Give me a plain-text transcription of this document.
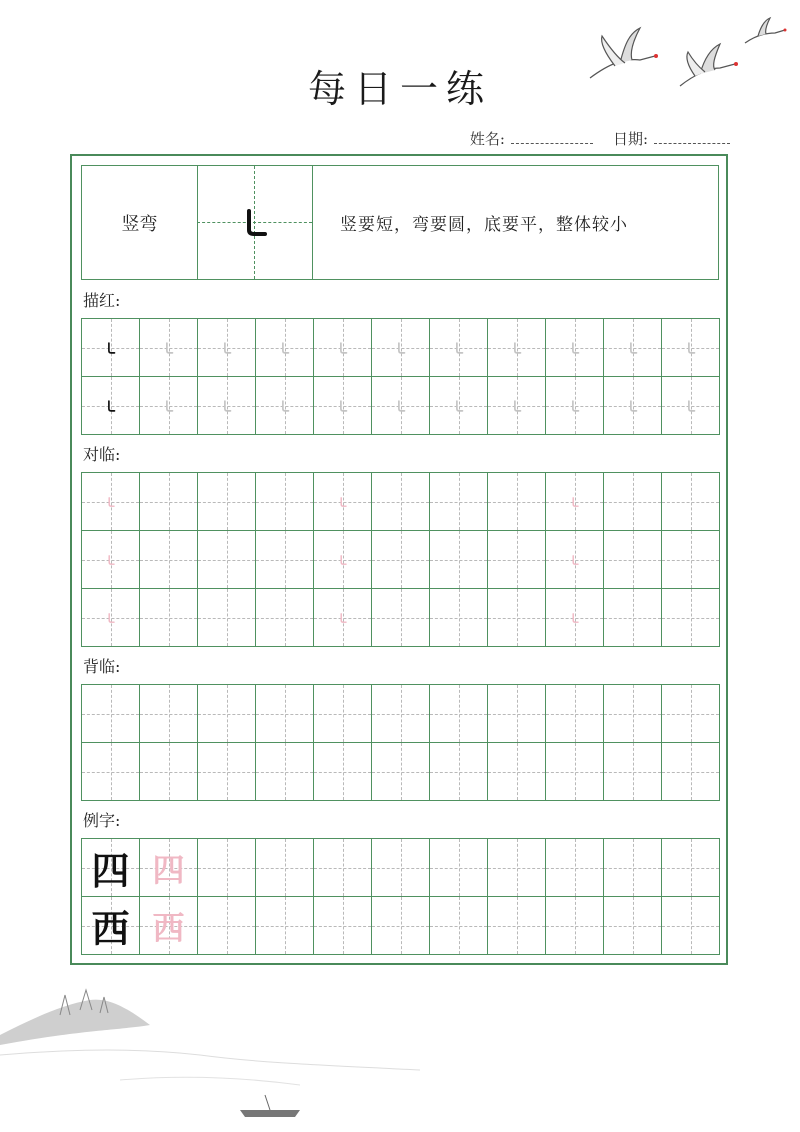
每日一练
姓名:	日期:
竖弯	竖要短，弯要圆，底要平，整体较小
描红:
对临:
背临:
例字:
四 四
西 西
